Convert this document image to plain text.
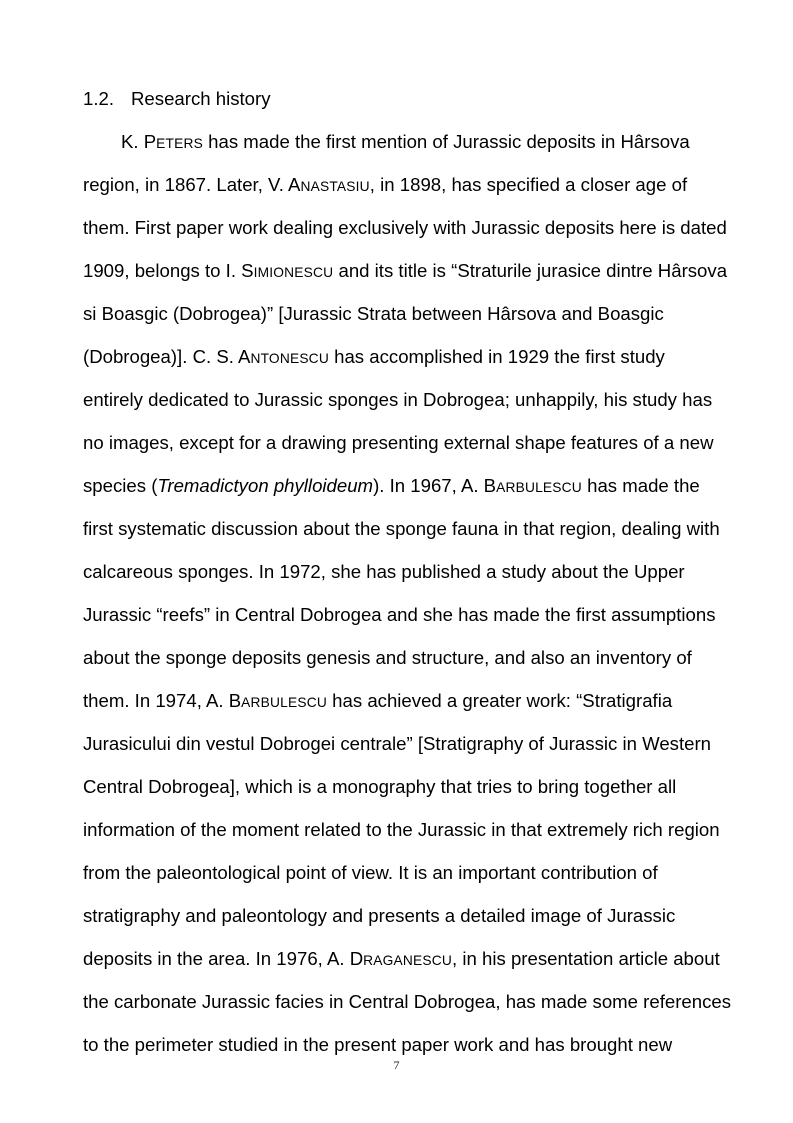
1.2. Research history
K. PETERS has made the first mention of Jurassic deposits in Hârsova
region, in 1867. Later, V. ANASTASIU, in 1898, has specified a closer age of
them. First paper work dealing exclusively with Jurassic deposits here is dated
1909, belongs to I. SIMIONESCU and its title is “Straturile jurasice dintre Hârsova
si Boasgic (Dobrogea)” [Jurassic Strata between Hârsova and Boasgic
(Dobrogea)]. C. S. ANTONESCU has accomplished in 1929 the first study
entirely dedicated to Jurassic sponges in Dobrogea; unhappily, his study has
no images, except for a drawing presenting external shape features of a new
species (Tremadictyon phylloideum). In 1967, A. BARBULESCU has made the
first systematic discussion about the sponge fauna in that region, dealing with
calcareous sponges. In 1972, she has published a study about the Upper
Jurassic “reefs” in Central Dobrogea and she has made the first assumptions
about the sponge deposits genesis and structure, and also an inventory of
them. In 1974, A. BARBULESCU has achieved a greater work: “Stratigrafia
Jurasicului din vestul Dobrogei centrale” [Stratigraphy of Jurassic in Western
Central Dobrogea], which is a monography that tries to bring together all
information of the moment related to the Jurassic in that extremely rich region
from the paleontological point of view. It is an important contribution of
stratigraphy and paleontology and presents a detailed image of Jurassic
deposits in the area. In 1976, A. DRAGANESCU, in his presentation article about
the carbonate Jurassic facies in Central Dobrogea, has made some references
to the perimeter studied in the present paper work and has brought new
7
